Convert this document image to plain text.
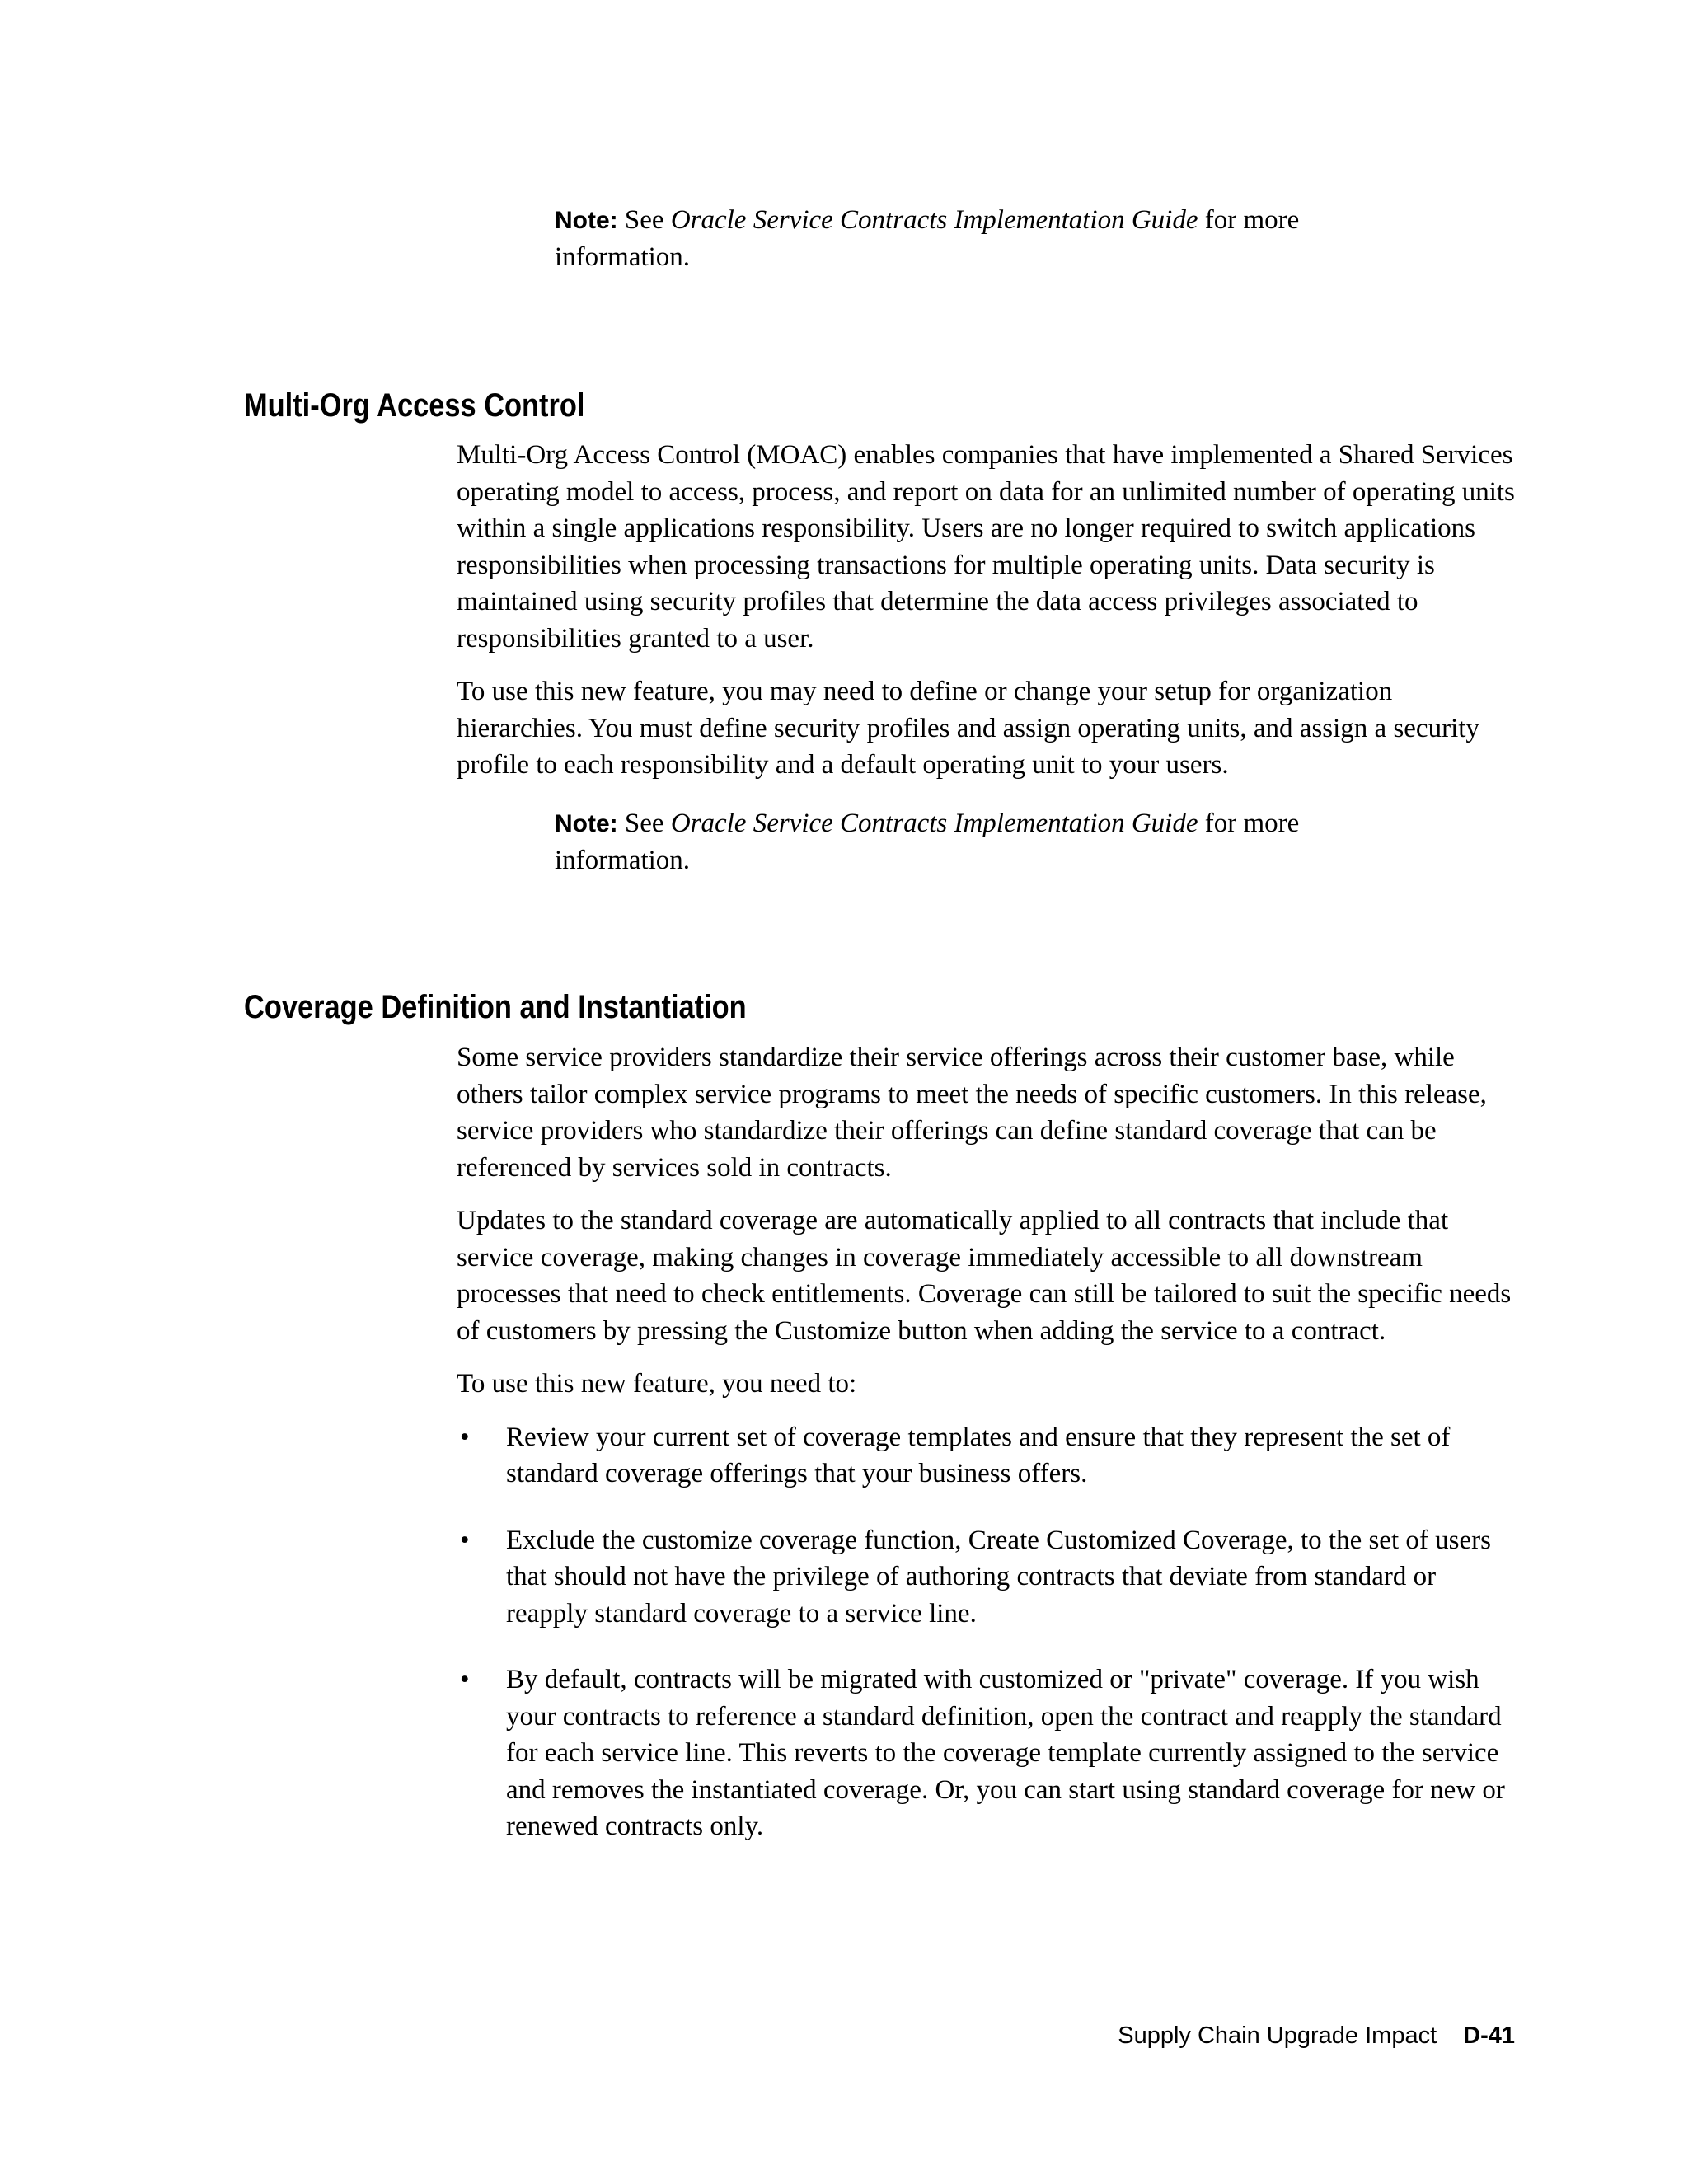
Note: See Oracle Service Contracts Implementation Guide for more information.
Multi-Org Access Control

Multi-Org Access Control (MOAC) enables companies that have implemented a Shared Services operating model to access, process, and report on data for an unlimited number of operating units within a single applications responsibility. Users are no longer required to switch applications responsibilities when processing transactions for multiple operating units. Data security is maintained using security profiles that determine the data access privileges associated to responsibilities granted to a user.

To use this new feature, you may need to define or change your setup for organization hierarchies. You must define security profiles and assign operating units, and assign a security profile to each responsibility and a default operating unit to your users.

Note: See Oracle Service Contracts Implementation Guide for more information.
Coverage Definition and Instantiation

Some service providers standardize their service offerings across their customer base, while others tailor complex service programs to meet the needs of specific customers. In this release, service providers who standardize their offerings can define standard coverage that can be referenced by services sold in contracts.

Updates to the standard coverage are automatically applied to all contracts that include that service coverage, making changes in coverage immediately accessible to all downstream processes that need to check entitlements. Coverage can still be tailored to suit the specific needs of customers by pressing the Customize button when adding the service to a contract.

To use this new feature, you need to:

• Review your current set of coverage templates and ensure that they represent the set of standard coverage offerings that your business offers.
• Exclude the customize coverage function, Create Customized Coverage, to the set of users that should not have the privilege of authoring contracts that deviate from standard or reapply standard coverage to a service line.
• By default, contracts will be migrated with customized or "private" coverage. If you wish your contracts to reference a standard definition, open the contract and reapply the standard for each service line. This reverts to the coverage template currently assigned to the service and removes the instantiated coverage. Or, you can start using standard coverage for new or renewed contracts only.
Supply Chain Upgrade Impact D-41
